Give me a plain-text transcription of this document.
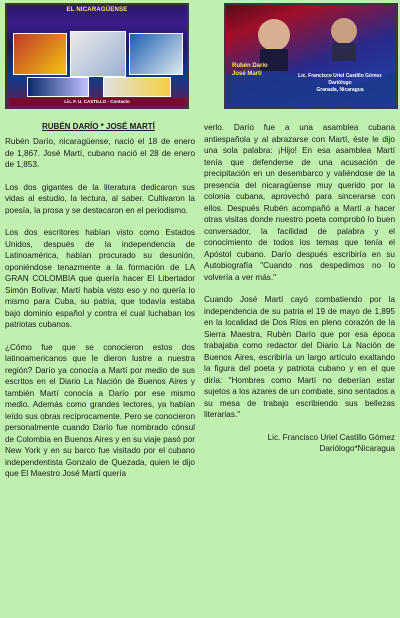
EL NICARAGÜENSE
Lic. F. U. CASTILLO - Contacto
Rubén Darío
José Martí	Lic. Francisco Uriel Castillo Gómez
Dariólogo
Granada, Nicaragua
RUBÉN DARÍO * JOSÉ MARTÍ

Rubén Darío, nicaragüense, nació el 18 de enero de 1,867. José Martí, cubano nació el 28 de enero de 1,853.

Los dos gigantes de la literatura dedicaron sus vidas al estudio, la lectura, al saber. Cultivaron la poesía, la prosa y se destacaron en el periodismo.

Los dos escritores habían visto como Estados Unidos, después de la independencia de Latinoamérica, habían procurado su desunión, oponiéndose tenazmente a la formación de LA GRAN COLOMBIA que quería hacer El Libertador Simón Bolívar. Martí había visto eso y no quería lo mismo para Cuba, su patria, que todavía estaba bajo dominio español y contra el cual luchaban los patriotas cubanos.

¿Cómo fue que se conocieron estos dos latinoamericanos que le dieron lustre a nuestra región? Darío ya conocía a Martí por medio de sus escritos en el Diario La Nación de Buenos Aires y también Martí conocía a Darío por ese mismo medio. Además como grandes lectores, ya habían leído sus obras recíprocamente. Pero se conocieron personalmente cuando Darío fue nombrado cónsul de Colombia en Buenos Aires y en su viaje pasó por New York y en su barco fue visitado por el cubano independentista Gonzalo de Quezada, quien le dijo que El Maestro José Martí quería

verlo. Darío fue a una asamblea cubana antiespañola y al abrazarse con Martí, éste le dijo una sola palabra: ¡Hijo! En esa asamblea Martí tenía que defenderse de una acusación de precipitación en un desembarco y valiéndose de la presencia del nicaragüense muy querido por la colonia cubana, aprovechó para sincerarse con ellos. Después Rubén acompañó a Martí a hacer otras visitas donde nuestro poeta comprobó lo buen conversador, la facilidad de palabra y el conocimiento de todos los temas que tenía el Apóstol cubano. Darío después escribiría en su Autobiografía "Cuando nos despedimos no lo volvería a ver más."

Cuando José Martí cayó combatiendo por la independencia de su patria el 19 de mayo de 1,895 en la localidad de Dos Ríos en pleno corazón de la Sierra Maestra, Rubén Darío que por esa época trabajaba como redactor del Diario La Nación de Buenos Aires, escribiría un largo artículo exaltando la figura del poeta y patriota cubano y en el que diría: "Hombres como Martí no deberían estar sujetos a los azares de un combate, sino sentados a su mesa de trabajo escribiendo sus bellezas literarias."

Lic. Francisco Uriel Castillo Gómez
Dariólogo*Nicaragua
